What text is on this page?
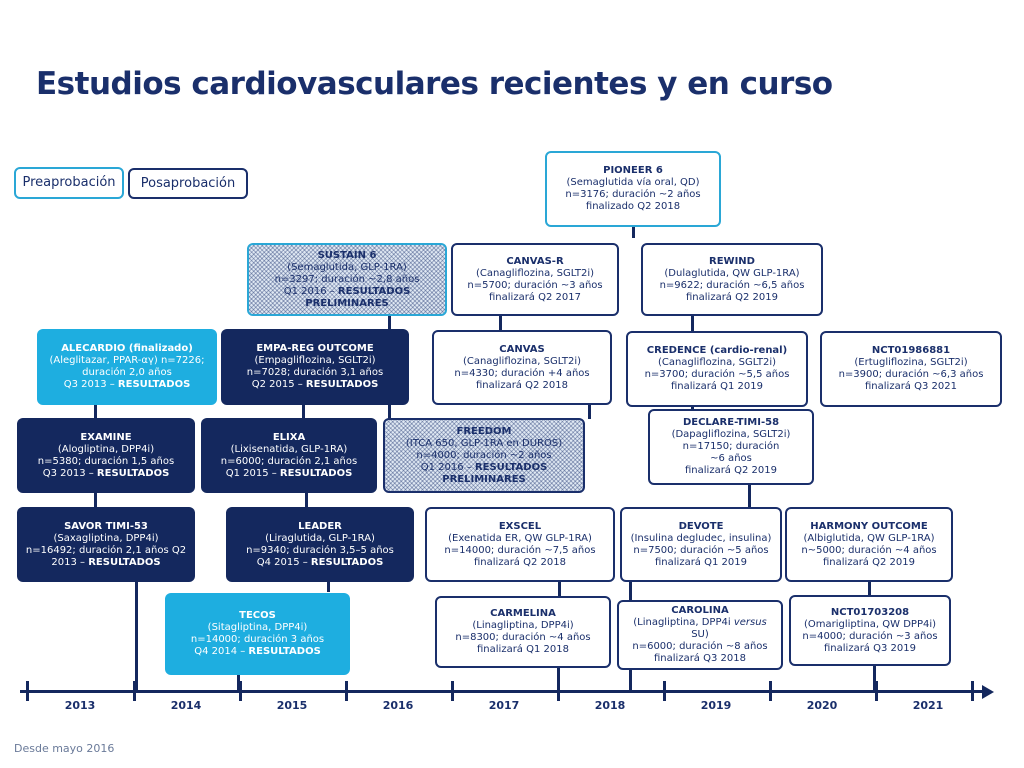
Estudios cardiovasculares recientes y en curso
Preaprobación Posaprobación
PIONEER 6
(Semaglutida vía oral, QD)
n=3176; duración ~2 años
finalizado Q2 2018
SUSTAIN 6
(Semaglutida, GLP-1RA)
n=3297; duración ~2,8 años
Q1 2016 – RESULTADOS PRELIMINARES
CANVAS-R
(Canagliflozina, SGLT2i)
n=5700; duración ~3 años
finalizará Q2 2017
REWIND
(Dulaglutida, QW GLP-1RA)
n=9622; duración ~6,5 años
finalizará Q2 2019
ALECARDIO (finalizado)
(Aleglitazar, PPAR-αγ) n=7226;
duración 2,0 años
Q3 2013 – RESULTADOS
EMPA-REG OUTCOME
(Empagliflozina, SGLT2i)
n=7028; duración 3,1 años
Q2 2015 – RESULTADOS
CANVAS
(Canagliflozina, SGLT2i)
n=4330; duración +4 años
finalizará Q2 2018
CREDENCE (cardio-renal)
(Canagliflozina, SGLT2i)
n=3700; duración ~5,5 años
finalizará Q1 2019
NCT01986881
(Ertugliflozina, SGLT2i)
n=3900; duración ~6,3 años
finalizará Q3 2021
EXAMINE
(Alogliptina, DPP4i)
n=5380; duración 1,5 años
Q3 2013 – RESULTADOS
ELIXA
(Lixisenatida, GLP-1RA)
n=6000; duración 2,1 años
Q1 2015 – RESULTADOS
FREEDOM
(ITCA 650, GLP-1RA en DUROS)
n=4000; duración ~2 años
Q1 2016 – RESULTADOS PRELIMINARES
DECLARE-TIMI-58
(Dapagliflozina, SGLT2i)
n=17150; duración
~6 años
finalizará Q2 2019
SAVOR TIMI-53
(Saxagliptina, DPP4i)
n=16492; duración 2,1 años Q2
2013 – RESULTADOS
LEADER
(Liraglutida, GLP-1RA)
n=9340; duración 3,5–5 años
Q4 2015 – RESULTADOS
EXSCEL
(Exenatida ER, QW GLP-1RA)
n=14000; duración ~7,5 años
finalizará Q2 2018
DEVOTE
(Insulina degludec, insulina)
n=7500; duración ~5 años
finalizará Q1 2019
HARMONY OUTCOME
(Albiglutida, QW GLP-1RA)
n~5000; duración ~4 años
finalizará Q2 2019
TECOS
(Sitagliptina, DPP4i)
n=14000; duración 3 años
Q4 2014 – RESULTADOS
CARMELINA
(Linagliptina, DPP4i)
n=8300; duración ~4 años
finalizará Q1 2018
CAROLINA
(Linagliptina, DPP4i versus
SU)
n=6000; duración ~8 años
finalizará Q3 2018
NCT01703208
(Omarigliptina, QW DPP4i)
n=4000; duración ~3 años
finalizará Q3 2019
2013	2014	2015	2016	2017	2018	2019	2020	2021
Desde mayo 2016
